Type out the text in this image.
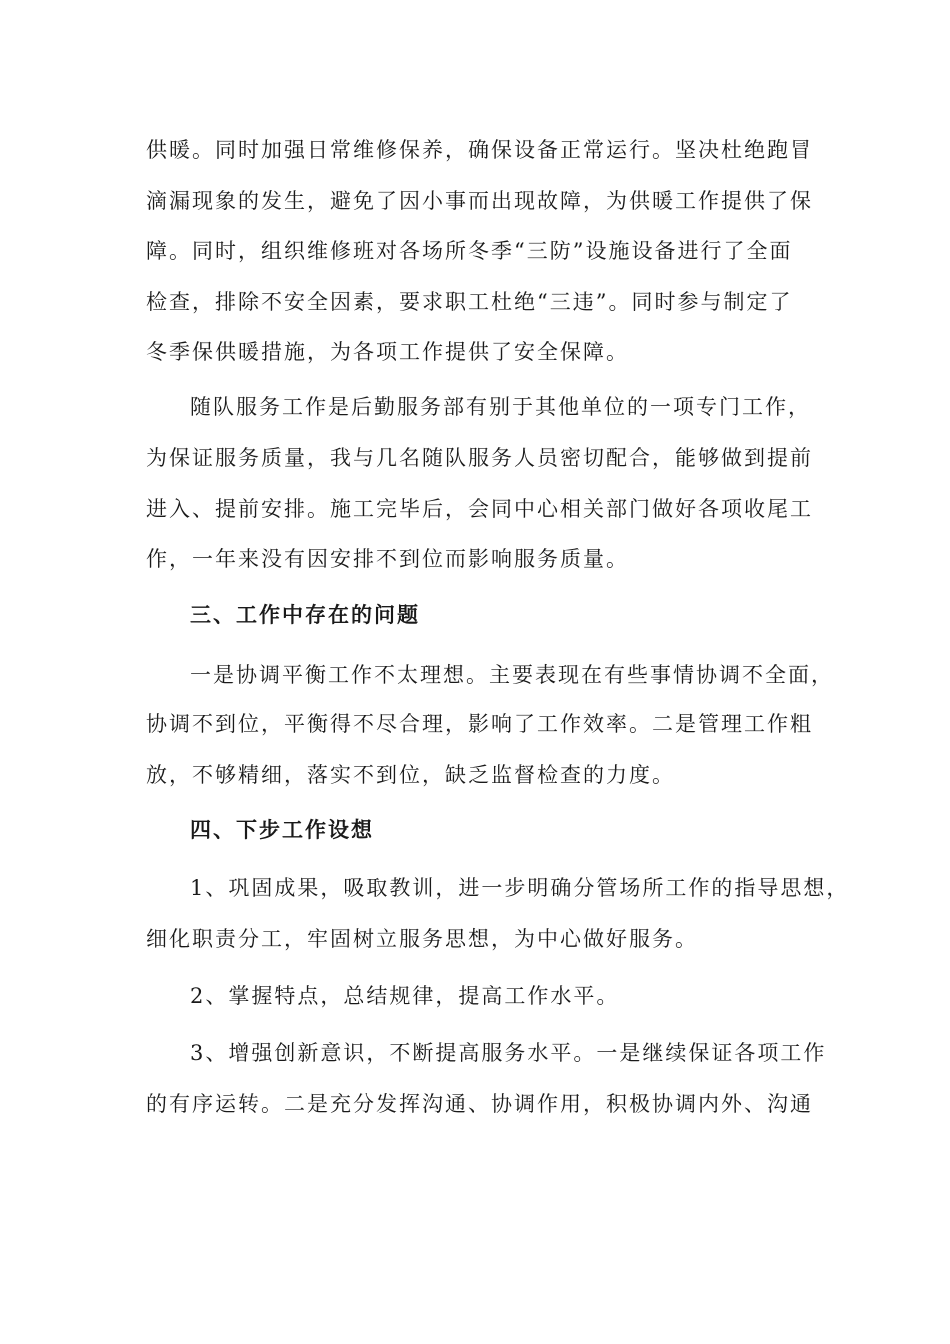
供暖。同时加强日常维修保养，确保设备正常运行。坚决杜绝跑冒
滴漏现象的发生，避免了因小事而出现故障，为供暖工作提供了保
障。同时，组织维修班对各场所冬季“三防”设施设备进行了全面
检查，排除不安全因素，要求职工杜绝“三违”。同时参与制定了
冬季保供暖措施，为各项工作提供了安全保障。
随队服务工作是后勤服务部有别于其他单位的一项专门工作，
为保证服务质量，我与几名随队服务人员密切配合，能够做到提前
进入、提前安排。施工完毕后，会同中心相关部门做好各项收尾工
作，一年来没有因安排不到位而影响服务质量。
三、工作中存在的问题
一是协调平衡工作不太理想。主要表现在有些事情协调不全面，
协调不到位，平衡得不尽合理，影响了工作效率。二是管理工作粗
放，不够精细，落实不到位，缺乏监督检查的力度。
四、下步工作设想
1、巩固成果，吸取教训，进一步明确分管场所工作的指导思想，
细化职责分工，牢固树立服务思想，为中心做好服务。
2、掌握特点，总结规律，提高工作水平。
3、增强创新意识，不断提高服务水平。一是继续保证各项工作
的有序运转。二是充分发挥沟通、协调作用，积极协调内外、沟通
